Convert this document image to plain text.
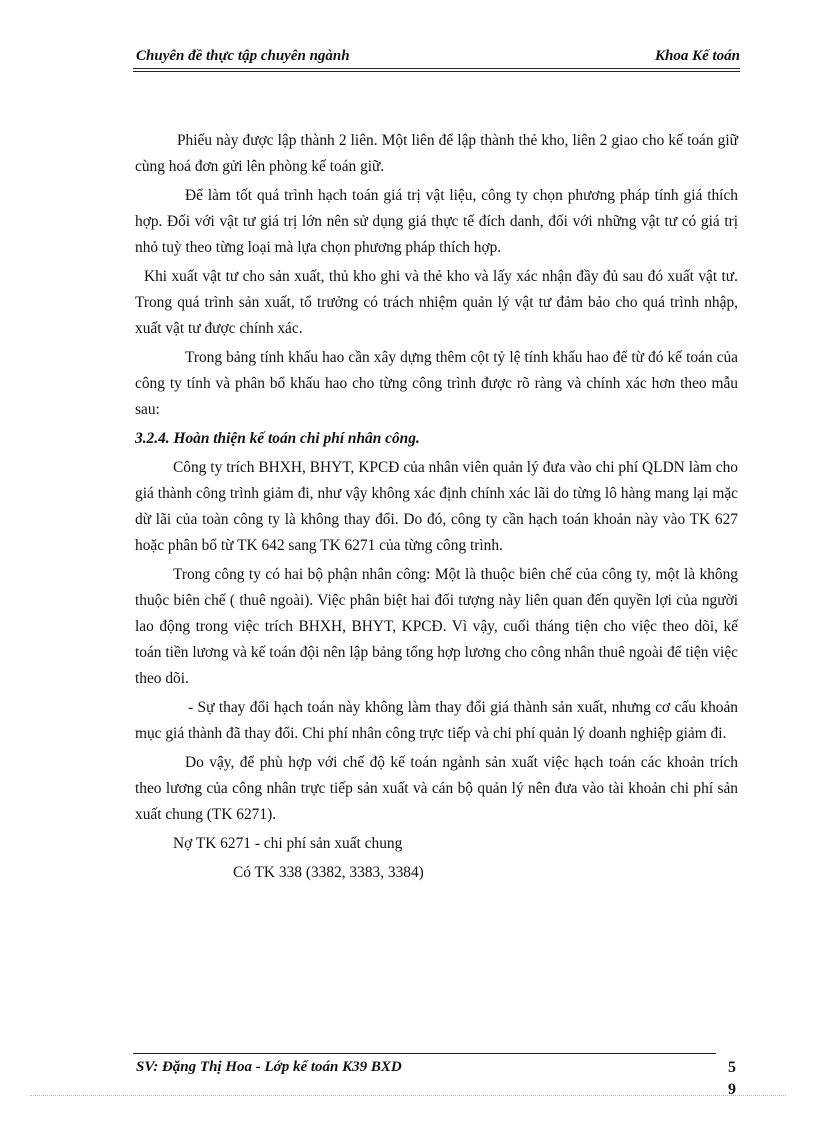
Chuyên đề thực tập chuyên ngành	Khoa Kế toán

Phiếu này được lập thành 2 liên. Một liên để lập thành thẻ kho, liên 2 giao cho kế toán giữ cùng hoá đơn gửi lên phòng kế toán giữ.

Để làm tốt quá trình hạch toán giá trị vật liệu, công ty chọn phương pháp tính giá thích hợp. Đối với vật tư giá trị lớn nên sử dụng giá thực tế đích danh, đối với những vật tư có giá trị nhỏ tuỳ theo từng loại mà lựa chọn phương pháp thích hợp.

Khi xuất vật tư cho sản xuất, thủ kho ghi và thẻ kho và lấy xác nhận đầy đủ sau đó xuất vật tư. Trong quá trình sản xuất, tổ trưởng có trách nhiệm quản lý vật tư đảm bảo cho quá trình nhập, xuất vật tư được chính xác.

Trong bảng tính khấu hao cần xây dựng thêm cột tỷ lệ tính khấu hao để từ đó kế toán của công ty tính và phân bổ khấu hao cho từng công trình được rõ ràng và chính xác hơn theo mẫu sau:

3.2.4. Hoàn thiện kế toán chi phí nhân công.

Công ty trích BHXH, BHYT, KPCĐ của nhân viên quản lý đưa vào chi phí QLDN làm cho giá thành công trình giảm đi, như vậy không xác định chính xác lãi do từng lô hàng mang lại mặc dừ lãi của toàn công ty là không thay đổi. Do đó, công ty cần hạch toán khoản này vào TK 627 hoặc phân bổ từ TK 642 sang TK 6271 của từng công trình.

Trong công ty có hai bộ phận nhân công: Một là thuộc biên chế của công ty, một là không thuộc biên chế ( thuê ngoài). Việc phân biệt hai đối tượng này liên quan đến quyền lợi của người lao động trong việc trích BHXH, BHYT, KPCĐ. Vì vậy, cuối tháng tiện cho việc theo dõi, kế toán tiền lương và kế toán đội nên lập bảng tổng hợp lương cho công nhân thuê ngoài để tiện việc theo dõi.

- Sự thay đổi hạch toán này không làm thay đổi giá thành sản xuất, nhưng cơ cấu khoản mục giá thành đã thay đổi. Chi phí nhân công trực tiếp và chi phí quản lý doanh nghiệp giảm đi.

Do vậy, để phù hợp với chế độ kế toán ngành sản xuất việc hạch toán các khoản trích theo lương của công nhân trực tiếp sản xuất và cán bộ quản lý nên đưa vào tài khoản chi phí sản xuất chung (TK 6271).

Nợ TK 6271 - chi phí sản xuất chung

Có TK 338 (3382, 3383, 3384)

SV: Đặng Thị Hoa - Lớp kế toán K39 BXD	5
9
